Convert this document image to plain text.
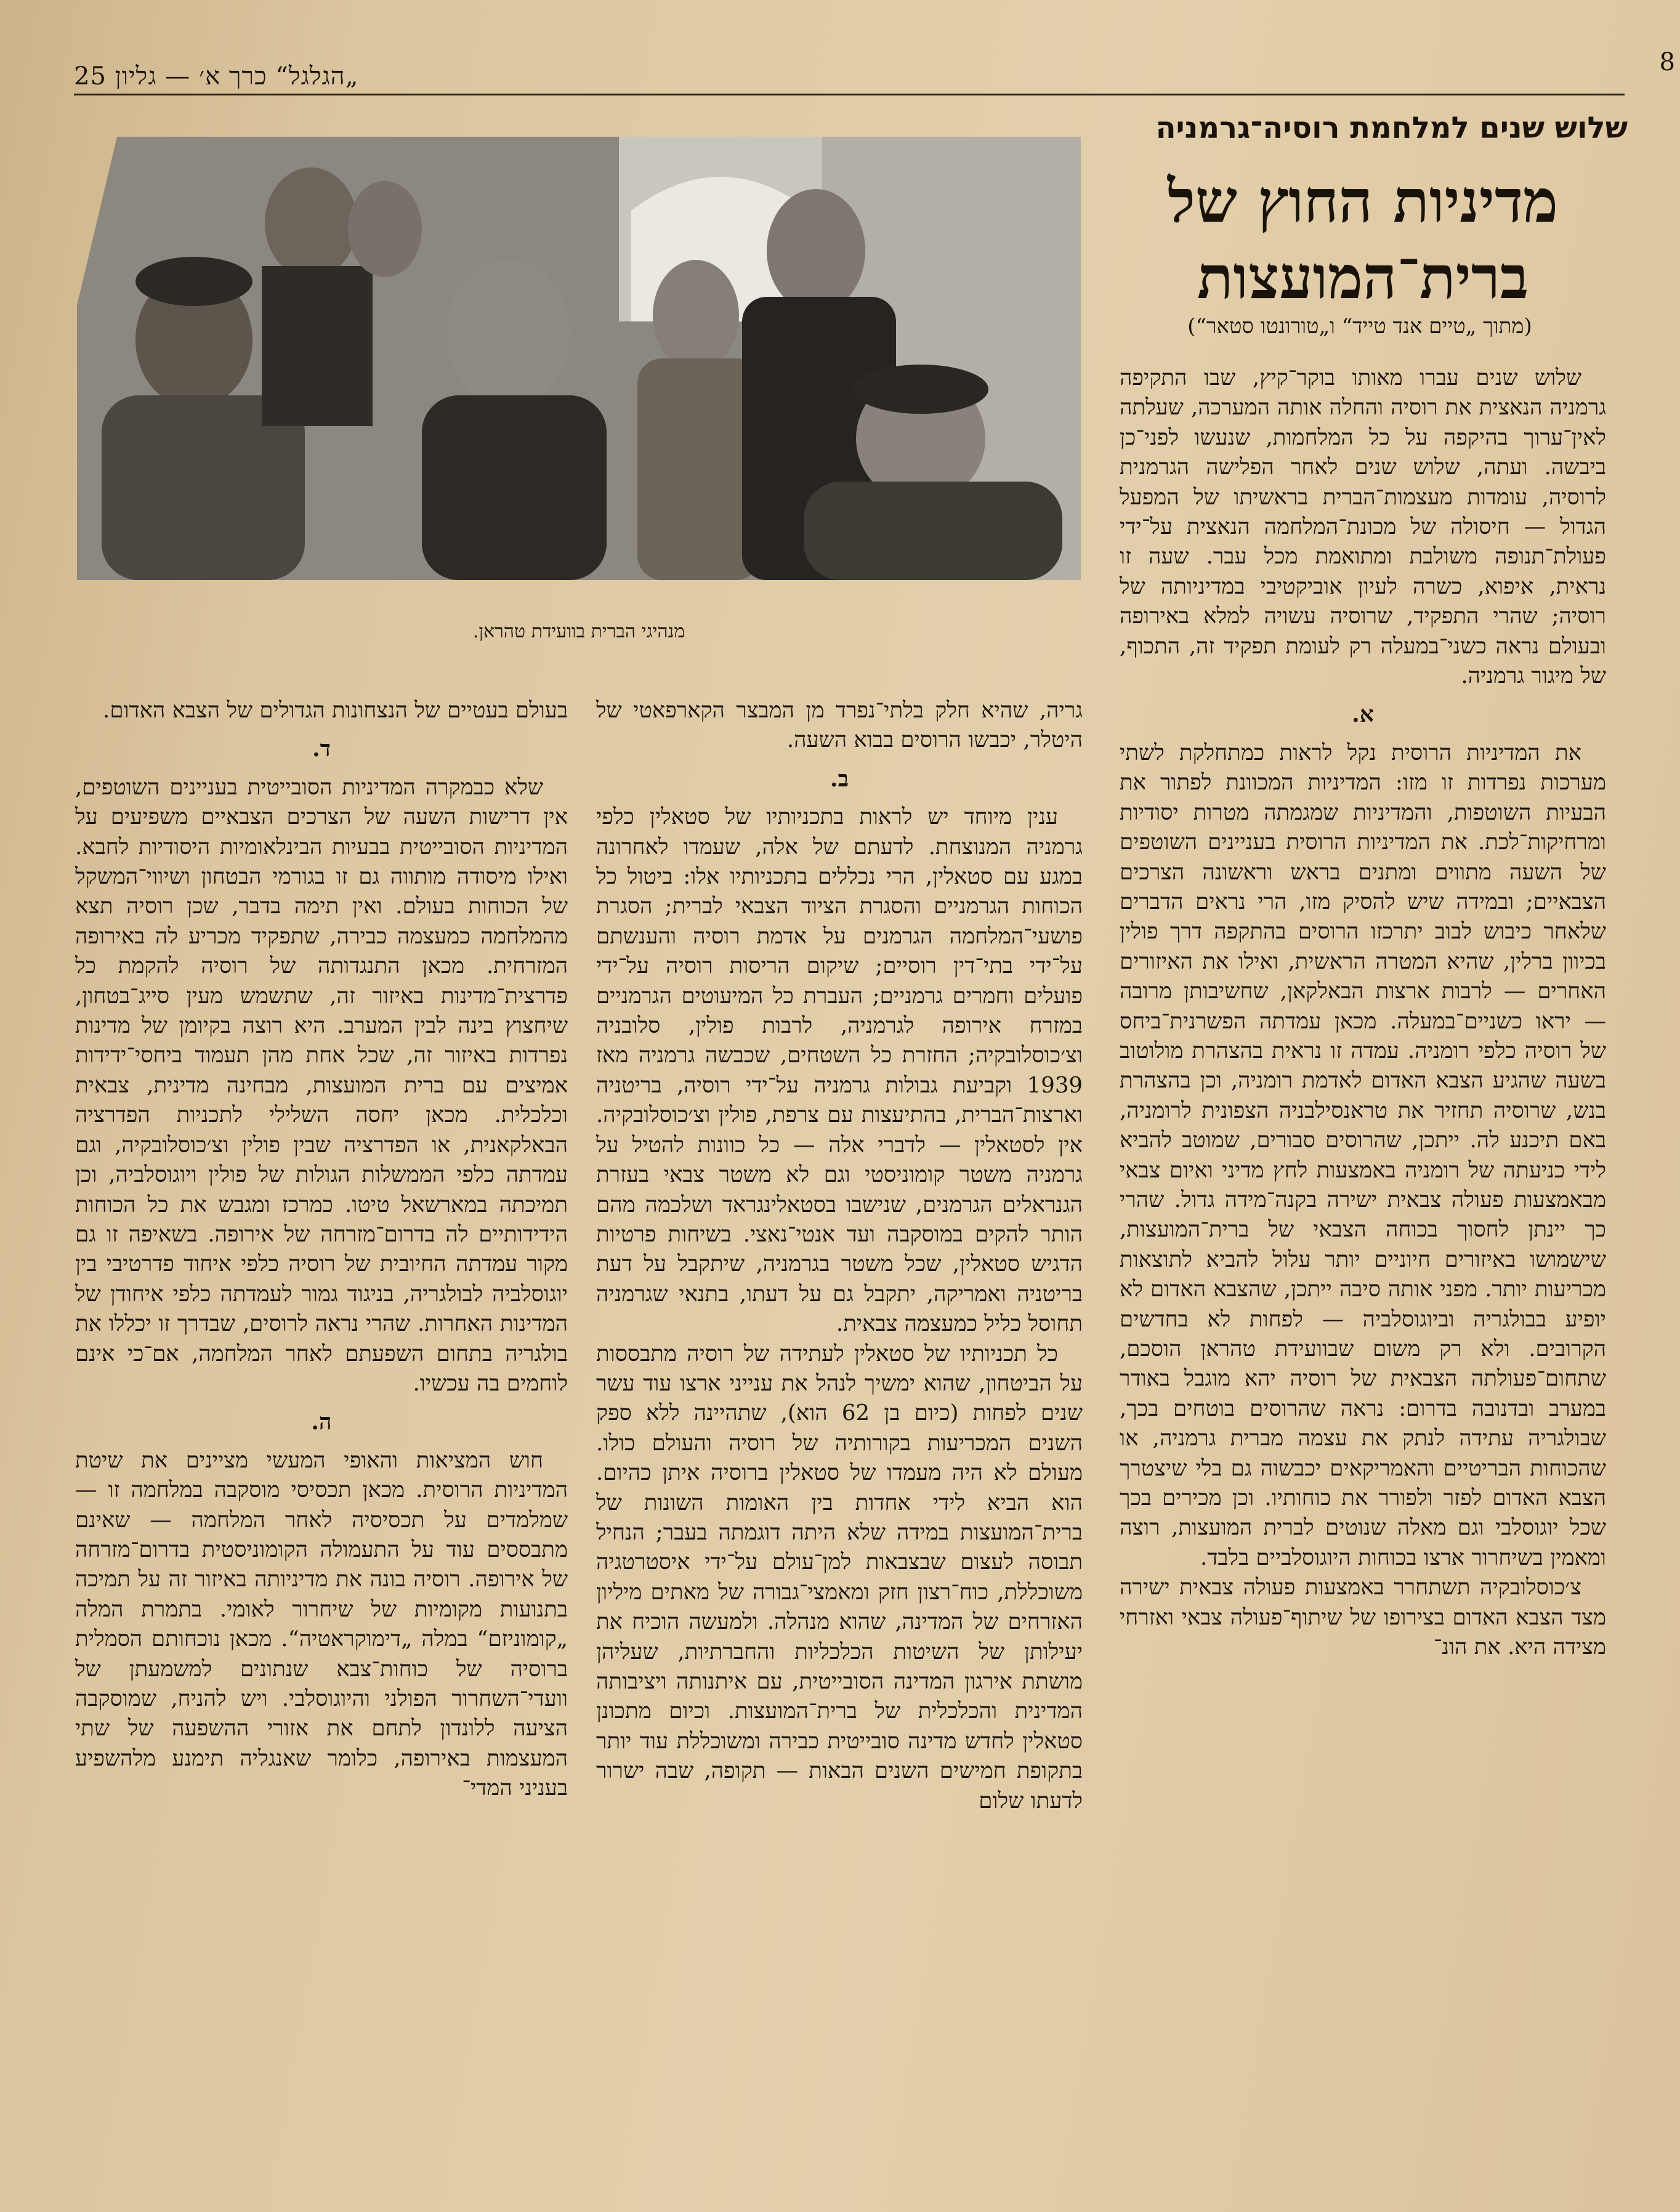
„הגלגל“ כרך א׳ — גליון 25	8
שלוש שנים למלחמת רוסיה־גרמניה
מדיניות החוץ של
ברית־המועצות
(מתוך „טיים אנד טייד“ ו„טורונטו סטאר“)
מנהיגי הברית בוועידת טהראן.

שלוש שנים עברו מאותו בוקר־קיץ, שבו התקיפה גרמניה הנאצית את רוסיה והחלה אותה המערכה, שעלתה לאין־ערוך בהיקפה על כל המלחמות, שנעשו לפני־כן ביבשה. ועתה, שלוש שנים לאחר הפלישה הגרמנית לרוסיה, עומדות מעצמות־הברית בראשיתו של המפעל הגדול — חיסולה של מכונת־המלחמה הנאצית על־ידי פעולת־תנופה משולבת ומתואמת מכל עבר. שעה זו נראית, איפוא, כשרה לעיון אוביקטיבי במדיניותה של רוסיה; שהרי התפקיד, שרוסיה עשויה למלא באירופה ובעולם נראה כשני־במעלה רק לעומת תפקיד זה, התכוף, של מיגור גרמניה.

א.

את המדיניות הרוסית נקל לראות כמתחלקת לשתי מערכות נפרדות זו מזו: המדיניות המכוונת לפתור את הבעיות השוטפות, והמדיניות שמגמתה מטרות יסודיות ומרחיקות־לכת. את המדיניות הרוסית בעניינים השוטפים של השעה מתווים ומתנים בראש וראשונה הצרכים הצבאיים; ובמידה שיש להסיק מזו, הרי נראים הדברים שלאחר כיבוש לבוב יתרכזו הרוסים בהתקפה דרך פולין בכיוון ברלין, שהיא המטרה הראשית, ואילו את האיזורים האחרים — לרבות ארצות הבאלקאן, שחשיבותן מרובה — יראו כשניים־במעלה. מכאן עמדתה הפשרנית־ביחס של רוסיה כלפי רומניה. עמדה זו נראית בהצהרת מולוטוב בשעה שהגיע הצבא האדום לאדמת רומניה, וכן בהצהרת בנש, שרוסיה תחזיר את טראנסילבניה הצפונית לרומניה, באם תיכנע לה. ייתכן, שהרוסים סבורים, שמוטב להביא לידי כניעתה של רומניה באמצעות לחץ מדיני ואיום צבאי מבאמצעות פעולה צבאית ישירה בקנה־מידה גדול. שהרי כך יינתן לחסוך בכוחה הצבאי של ברית־המועצות, שישמושו באיזורים חיוניים יותר עלול להביא לתוצאות מכריעות יותר. מפני אותה סיבה ייתכן, שהצבא האדום לא יופיע בבולגריה וביוגוסלביה — לפחות לא בחדשים הקרובים. ולא רק משום שבוועידת טהראן הוסכם, שתחום־פעולתה הצבאית של רוסיה יהא מוגבל באודר במערב ובדנובה בדרום: נראה שהרוסים בוטחים בכך, שבולגריה עתידה לנתק את עצמה מברית גרמניה, או שהכוחות הבריטיים והאמריקאים יכבשוה גם בלי שיצטרך הצבא האדום לפזר ולפורר את כוחותיו. וכן מכירים בכך שכל יוגוסלבי וגם מאלה שנוטים לברית המועצות, רוצה ומאמין בשיחרור ארצו בכוחות היוגוסלביים בלבד.

צ׳כוסלובקיה תשתחרר באמצעות פעולה צבאית ישירה מצד הצבא האדום בצירופו של שיתוף־פעולה צבאי ואזרחי מצידה היא. את הונ־

גריה, שהיא חלק בלתי־נפרד מן המבצר הקארפאטי של היטלר, יכבשו הרוסים בבוא השעה.

ב.

ענין מיוחד יש לראות בתכניותיו של סטאלין כלפי גרמניה המנוצחת. לדעתם של אלה, שעמדו לאחרונה במגע עם סטאלין, הרי נכללים בתכניותיו אלו: ביטול כל הכוחות הגרמניים והסגרת הציוד הצבאי לברית; הסגרת פושעי־המלחמה הגרמנים על אדמת רוסיה והענשתם על־ידי בתי־דין רוסיים; שיקום הריסות רוסיה על־ידי פועלים וחמרים גרמניים; העברת כל המיעוטים הגרמניים במזרח אירופה לגרמניה, לרבות פולין, סלובניה וצ׳כוסלובקיה; החזרת כל השטחים, שכבשה גרמניה מאז 1939 וקביעת גבולות גרמניה על־ידי רוסיה, בריטניה וארצות־הברית, בהתיעצות עם צרפת, פולין וצ׳כוסלובקיה. אין לסטאלין — לדברי אלה — כל כוונות להטיל על גרמניה משטר קומוניסטי וגם לא משטר צבאי בעזרת הגנראלים הגרמנים, שנישבו בסטאלינגראד ושלכמה מהם הותר להקים במוסקבה ועד אנטי־נאצי. בשיחות פרטיות הדגיש סטאלין, שכל משטר בגרמניה, שיתקבל על דעת בריטניה ואמריקה, יתקבל גם על דעתו, בתנאי שגרמניה תחוסל כליל כמעצמה צבאית.

כל תכניותיו של סטאלין לעתידה של רוסיה מתבססות על הביטחון, שהוא ימשיך לנהל את ענייני ארצו עוד עשר שנים לפחות (כיום בן 62 הוא), שתהיינה ללא ספק השנים המכריעות בקורותיה של רוסיה והעולם כולו. מעולם לא היה מעמדו של סטאלין ברוסיה איתן כהיום. הוא הביא לידי אחדות בין האומות השונות של ברית־המועצות במידה שלא היתה דוגמתה בעבר; הנחיל תבוסה לעצום שבצבאות למן־עולם על־ידי איסטרטגיה משוכללת, כוח־רצון חזק ומאמצי־גבורה של מאתים מיליון האזרחים של המדינה, שהוא מנהלה. ולמעשה הוכיח את יעילותן של השיטות הכלכליות והחברתיות, שעליהן מושתת אירגון המדינה הסובייטית, עם איתנותה ויציבותה המדינית והכלכלית של ברית־המועצות. וכיום מתכונן סטאלין לחדש מדינה סובייטית כבירה ומשוכללת עוד יותר בתקופת חמישים השנים הבאות — תקופה, שבה ישרור לדעתו שלום

בעולם בעטיים של הנצחונות הגדולים של הצבא האדום.

ד.

שלא כבמקרה המדיניות הסובייטית בעניינים השוטפים, אין דרישות השעה של הצרכים הצבאיים משפיעים על המדיניות הסובייטית בבעיות הבינלאומיות היסודיות לחבא. ואילו מיסודה מותווה גם זו בגורמי הבטחון ושיווי־המשקל של הכוחות בעולם. ואין תימה בדבר, שכן רוסיה תצא מהמלחמה כמעצמה כבירה, שתפקיד מכריע לה באירופה המזרחית. מכאן התנגדותה של רוסיה להקמת כל פדרצית־מדינות באיזור זה, שתשמש מעין סייג־בטחון, שיחצוץ בינה לבין המערב. היא רוצה בקיומן של מדינות נפרדות באיזור זה, שכל אחת מהן תעמוד ביחסי־ידידות אמיצים עם ברית המועצות, מבחינה מדינית, צבאית וכלכלית. מכאן יחסה השלילי לתכניות הפדרציה הבאלקאנית, או הפדרציה שבין פולין וצ׳כוסלובקיה, וגם עמדתה כלפי הממשלות הגולות של פולין ויוגוסלביה, וכן תמיכתה במארשאל טיטו. כמרכז ומגבש את כל הכוחות הידידותיים לה בדרום־מזרחה של אירופה. בשאיפה זו גם מקור עמדתה החיובית של רוסיה כלפי איחוד פדרטיבי בין יוגוסלביה לבולגריה, בניגוד גמור לעמדתה כלפי איחודן של המדינות האחרות. שהרי נראה לרוסים, שבדרך זו יכללו את בולגריה בתחום השפעתם לאחר המלחמה, אם־כי אינם לוחמים בה עכשיו.

ה.

חוש המציאות והאופי המעשי מציינים את שיטת המדיניות הרוסית. מכאן תכסיסי מוסקבה במלחמה זו — שמלמדים על תכסיסיה לאחר המלחמה — שאינם מתבססים עוד על התעמולה הקומוניסטית בדרום־מזרחה של אירופה. רוסיה בונה את מדיניותה באיזור זה על תמיכה בתנועות מקומיות של שיחרור לאומי. בתמרת המלה „קומוניזם“ במלה „דימוקראטיה“. מכאן נוכחותם הסמלית ברוסיה של כוחות־צבא שנתונים למשמעתן של וועדי־השחרור הפולני והיוגוסלבי. ויש להניח, שמוסקבה הציעה ללונדון לתחם את אזורי ההשפעה של שתי המעצמות באירופה, כלומר שאנגליה תימנע מלהשפיע בעניני המדי־
